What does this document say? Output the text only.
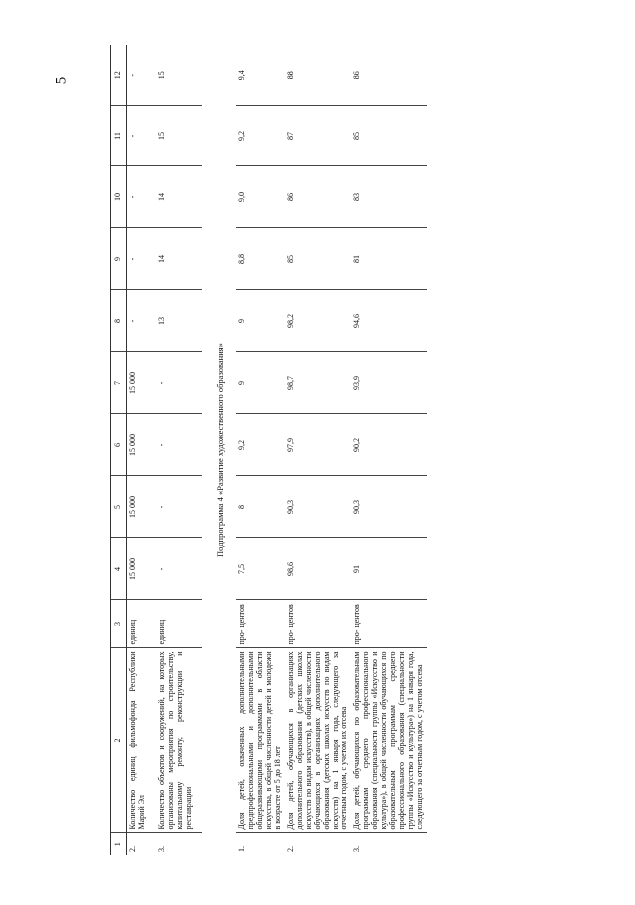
5
1	2	3	4	5	6	7	8	9	10	11	12
2.	Количество единиц фильмофонда Республики Марий Эл	единиц	15 000	15 000	15 000	15 000	-	-	-	-	-
3.	Количество объектов и сооружений, на которых организованы мероприятия по строительству, капитальному ремонту, реконструкции и реставрации	единиц	-	-	-	-	13	14	14	15	15
Подпрограмма 4 «Развитие художественного образования»											
1.	Доля детей, охваченных дополнительными предпрофессиональными и дополнительными общеразвивающими программами в области искусства, в общей численности детей и молодежи в возрасте от 5 до 18 лет	про- центов	7,5	8	9,2	9	9	8,8	9,0	9,2	9,4
2.	Доля детей, обучающихся в организациях дополнительного образования (детских школах искусств по видам искусств), в общей численности обучающихся в организациях дополнительного образования (детских школах искусств по видам искусств) на 1 января года, следующего за отчетным годом, с учетом их отсева	про- центов	98,6	90,3	97,9	98,7	98,2	85	86	87	88
3.	Доля детей, обучающихся по образовательным программам среднего профессионального образования (специальности группы «Искусство и культура»), в общей численности обучающихся по образовательным программам среднего профессионального образования (специальности группы «Искусство и культура») на 1 января года, следующего за отчетным годом, с учетом отсева	про- центов	91	90,3	90,2	93,9	94,6	81	83	85	86
